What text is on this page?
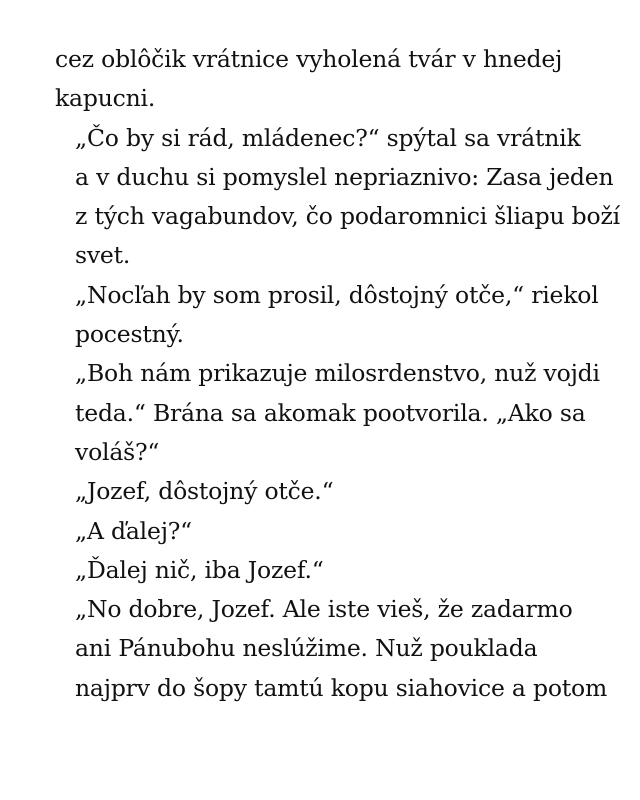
cez oblôčik vrátnice vyholená tvár v hnedej
kapucni.

„Čo by si rád, mládenec?“ spýtal sa vrátnik
a v duchu si pomyslel nepriaznivo: Zasa jeden
z tých vagabundov, čo podaromnici šliapu boží
svet.

„Nocľah by som prosil, dôstojný otče,“ riekol
pocestný.

„Boh nám prikazuje milosrdenstvo, nuž vojdi
teda.“ Brána sa akomak pootvorila. „Ako sa
voláš?“

„Jozef, dôstojný otče.“

„A ďalej?“

„Ďalej nič, iba Jozef.“

„No dobre, Jozef. Ale iste vieš, že zadarmo
ani Pánubohu neslúžime. Nuž pouklada
najprv do šopy tamtú kopu siahovice a potom
